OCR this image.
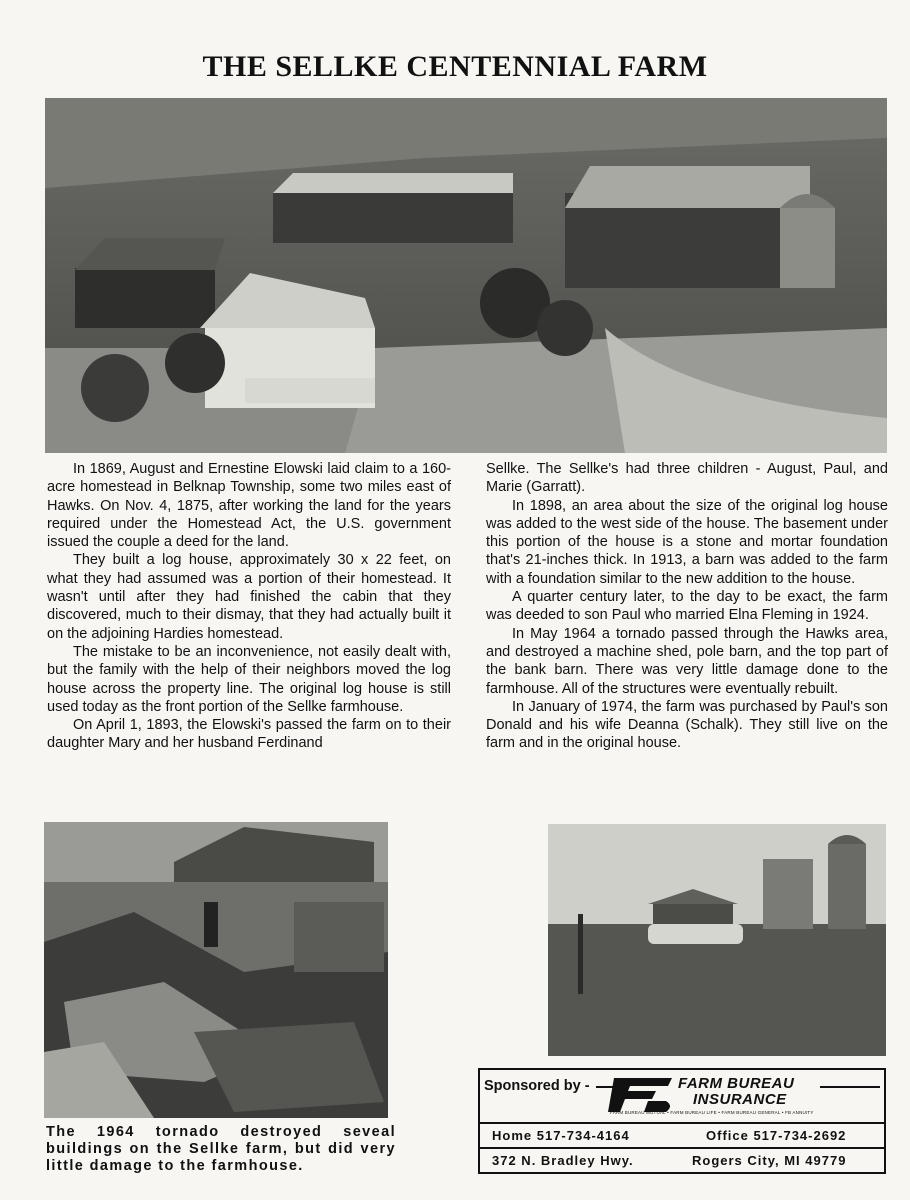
THE SELLKE CENTENNIAL FARM

In 1869, August and Ernestine Elowski laid claim to a 160-acre homestead in Belknap Township, some two miles east of Hawks. On Nov. 4, 1875, after working the land for the years required under the Homestead Act, the U.S. government issued the couple a deed for the land.

They built a log house, approximately 30 x 22 feet, on what they had assumed was a portion of their homestead. It wasn't until after they had finished the cabin that they discovered, much to their dismay, that they had actually built it on the adjoining Hardies homestead.

The mistake to be an inconvenience, not easily dealt with, but the family with the help of their neighbors moved the log house across the property line. The original log house is still used today as the front portion of the Sellke farmhouse.

On April 1, 1893, the Elowski's passed the farm on to their daughter Mary and her husband Ferdinand

Sellke. The Sellke's had three children - August, Paul, and Marie (Garratt).

In 1898, an area about the size of the original log house was added to the west side of the house. The basement under this portion of the house is a stone and mortar foundation that's 21-inches thick. In 1913, a barn was added to the farm with a foundation similar to the new addition to the house.

A quarter century later, to the day to be exact, the farm was deeded to son Paul who married Elna Fleming in 1924.

In May 1964 a tornado passed through the Hawks area, and destroyed a machine shed, pole barn, and the top part of the bank barn. There was very little damage done to the farmhouse. All of the structures were eventually rebuilt.

In January of 1974, the farm was purchased by Paul's son Donald and his wife Deanna (Schalk). They still live on the farm and in the original house.

The 1964 tornado destroyed seveal buildings on the Sellke farm, but did very little damage to the farmhouse.
Sponsored by -	FARM BUREAU
INSURANCE
FARM BUREAU MUTUAL • FARM BUREAU LIFE • FARM BUREAU GENERAL • FB ANNUITY
Home 517-734-4164	Office 517-734-2692
372 N. Bradley Hwy.	Rogers City, MI 49779
